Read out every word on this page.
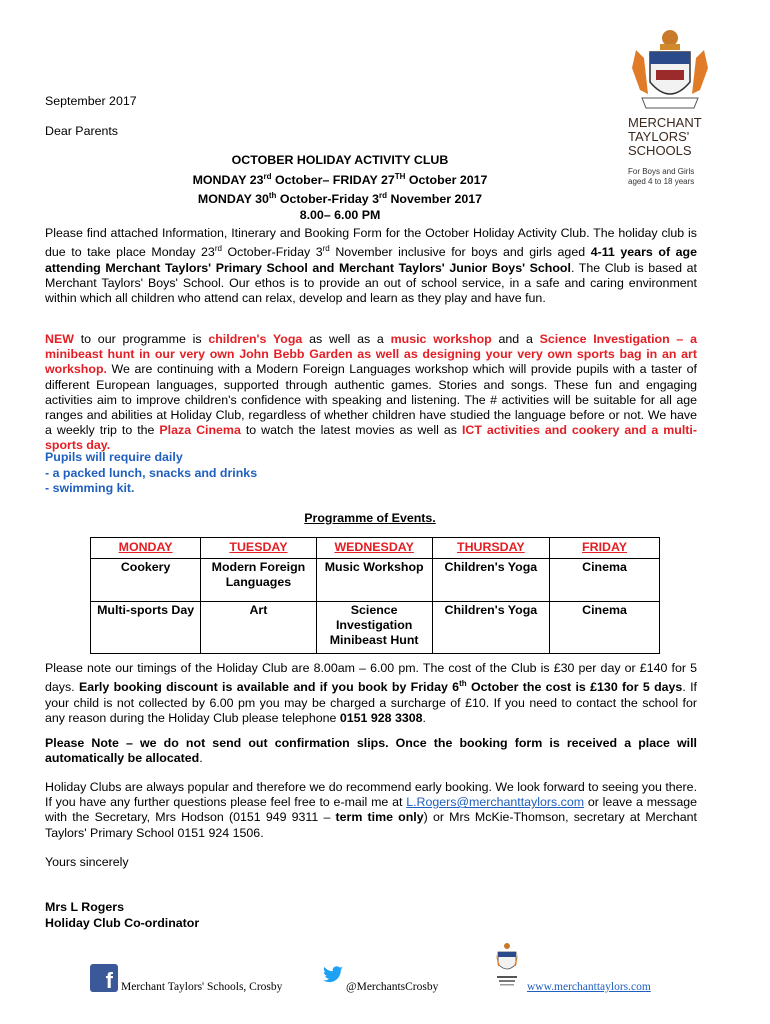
MERCHANT
TAYLORS'
SCHOOLS
For Boys and Girls
aged 4 to 18 years

September 2017

Dear Parents

OCTOBER HOLIDAY ACTIVITY CLUB
MONDAY 23rd October– FRIDAY 27TH October 2017
MONDAY 30th October-Friday 3rd November 2017
8.00– 6.00 PM

Please find attached Information, Itinerary and Booking Form for the October Holiday Activity Club. The holiday club is due to take place Monday 23rd October-Friday 3rd November inclusive for boys and girls aged 4-11 years of age attending Merchant Taylors' Primary School and Merchant Taylors' Junior Boys' School. The Club is based at Merchant Taylors' Boys' School. Our ethos is to provide an out of school service, in a safe and caring environment within which all children who attend can relax, develop and learn as they play and have fun.

NEW to our programme is children's Yoga as well as a music workshop and a Science Investigation – a minibeast hunt in our very own John Bebb Garden as well as designing your very own sports bag in an art workshop. We are continuing with a Modern Foreign Languages workshop which will provide pupils with a taster of different European languages, supported through authentic games. Stories and songs. These fun and engaging activities aim to improve children's confidence with speaking and listening. The # activities will be suitable for all age ranges and abilities at Holiday Club, regardless of whether children have studied the language before or not. We have a weekly trip to the Plaza Cinema to watch the latest movies as well as ICT activities and cookery and a multi-sports day.

Pupils will require daily
- a packed lunch, snacks and drinks
- swimming kit.

Programme of Events.

MONDAY	TUESDAY	WEDNESDAY	THURSDAY	FRIDAY
Cookery	Modern Foreign Languages	Music Workshop	Children's Yoga	Cinema
Multi-sports Day	Art	Science Investigation Minibeast Hunt	Children's Yoga	Cinema

Please note our timings of the Holiday Club are 8.00am – 6.00 pm. The cost of the Club is £30 per day or £140 for 5 days. Early booking discount is available and if you book by Friday 6th October the cost is £130 for 5 days. If your child is not collected by 6.00 pm you may be charged a surcharge of £10. If you need to contact the school for any reason during the Holiday Club please telephone 0151 928 3308.

Please Note – we do not send out confirmation slips. Once the booking form is received a place will automatically be allocated.

Holiday Clubs are always popular and therefore we do recommend early booking. We look forward to seeing you there. If you have any further questions please feel free to e-mail me at L.Rogers@merchanttaylors.com or leave a message with the Secretary, Mrs Hodson (0151 949 9311 – term time only) or Mrs McKie-Thomson, secretary at Merchant Taylors' Primary School 0151 924 1506.

Yours sincerely

Mrs L Rogers
Holiday Club Co-ordinator
f Merchant Taylors' Schools, Crosby	@MerchantsCrosby	www.merchanttaylors.com
